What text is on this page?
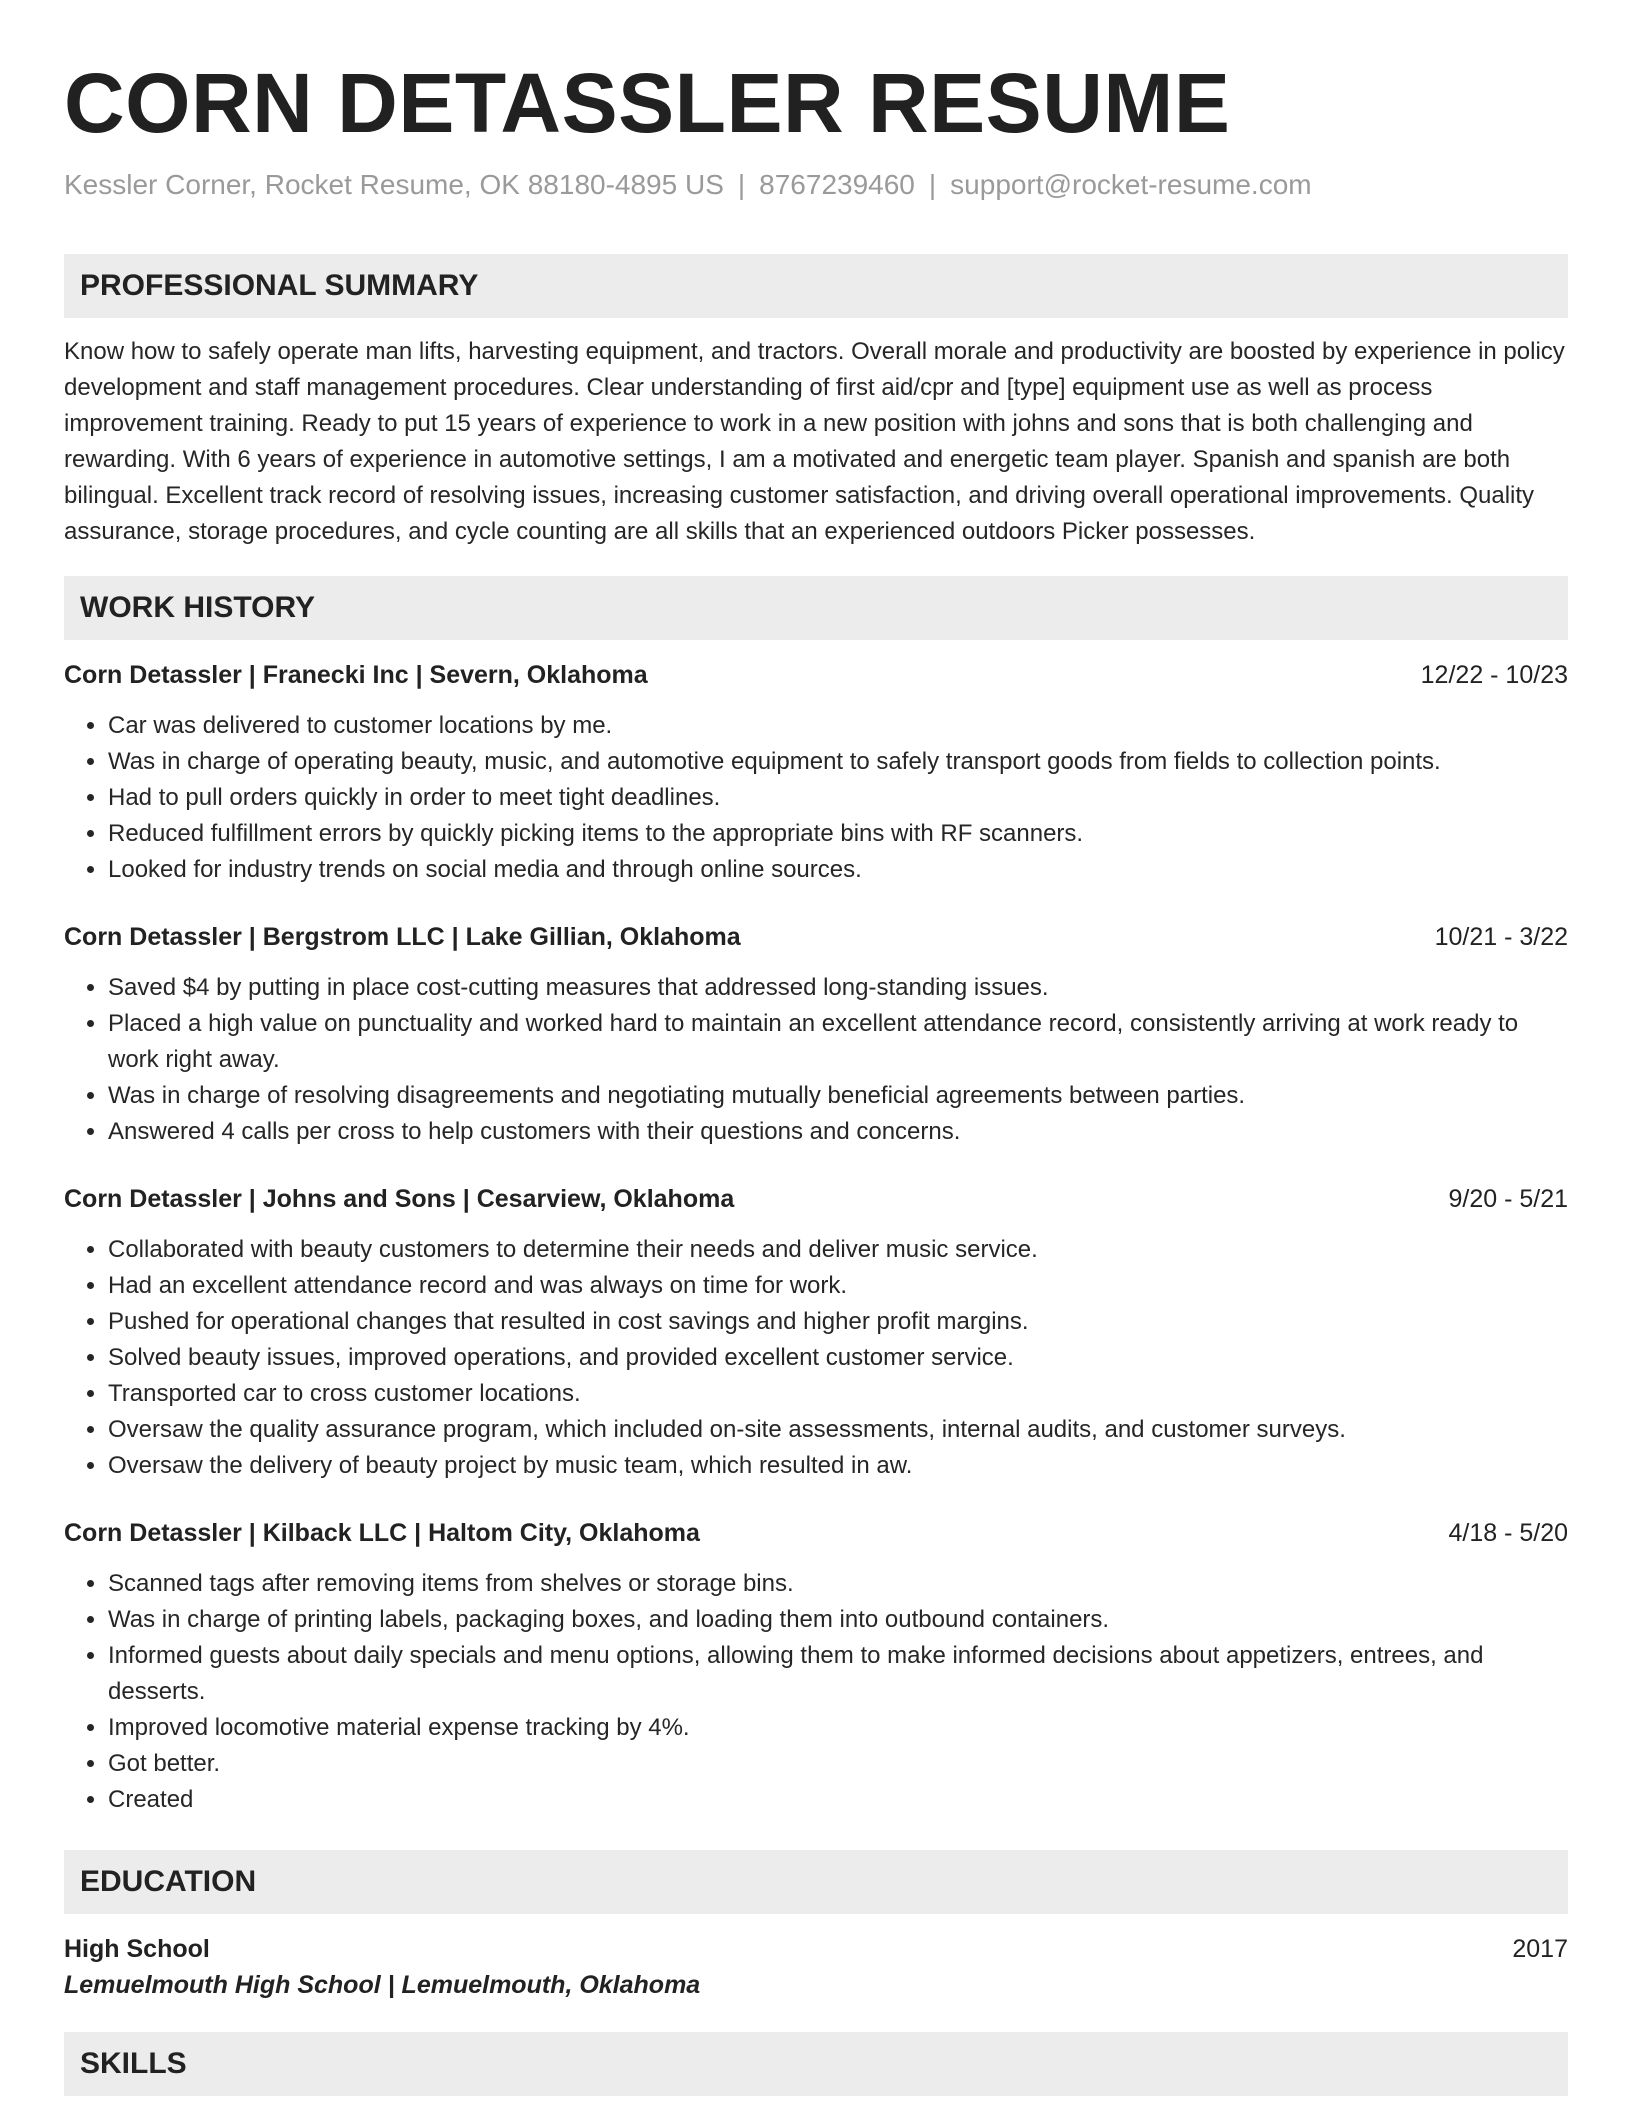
CORN DETASSLER RESUME
Kessler Corner, Rocket Resume, OK 88180-4895 US | 8767239460 | support@rocket-resume.com
PROFESSIONAL SUMMARY

Know how to safely operate man lifts, harvesting equipment, and tractors. Overall morale and productivity are boosted by experience in policy development and staff management procedures. Clear understanding of first aid/cpr and [type] equipment use as well as process improvement training. Ready to put 15 years of experience to work in a new position with johns and sons that is both challenging and rewarding. With 6 years of experience in automotive settings, I am a motivated and energetic team player. Spanish and spanish are both bilingual. Excellent track record of resolving issues, increasing customer satisfaction, and driving overall operational improvements. Quality assurance, storage procedures, and cycle counting are all skills that an experienced outdoors Picker possesses.

WORK HISTORY
Corn Detassler | Franecki Inc | Severn, Oklahoma	12/22 - 10/23
• Car was delivered to customer locations by me.
• Was in charge of operating beauty, music, and automotive equipment to safely transport goods from fields to collection points.
• Had to pull orders quickly in order to meet tight deadlines.
• Reduced fulfillment errors by quickly picking items to the appropriate bins with RF scanners.
• Looked for industry trends on social media and through online sources.
Corn Detassler | Bergstrom LLC | Lake Gillian, Oklahoma	10/21 - 3/22
• Saved $4 by putting in place cost-cutting measures that addressed long-standing issues.
• Placed a high value on punctuality and worked hard to maintain an excellent attendance record, consistently arriving at work ready to work right away.
• Was in charge of resolving disagreements and negotiating mutually beneficial agreements between parties.
• Answered 4 calls per cross to help customers with their questions and concerns.
Corn Detassler | Johns and Sons | Cesarview, Oklahoma	9/20 - 5/21
• Collaborated with beauty customers to determine their needs and deliver music service.
• Had an excellent attendance record and was always on time for work.
• Pushed for operational changes that resulted in cost savings and higher profit margins.
• Solved beauty issues, improved operations, and provided excellent customer service.
• Transported car to cross customer locations.
• Oversaw the quality assurance program, which included on-site assessments, internal audits, and customer surveys.
• Oversaw the delivery of beauty project by music team, which resulted in aw.
Corn Detassler | Kilback LLC | Haltom City, Oklahoma	4/18 - 5/20
• Scanned tags after removing items from shelves or storage bins.
• Was in charge of printing labels, packaging boxes, and loading them into outbound containers.
• Informed guests about daily specials and menu options, allowing them to make informed decisions about appetizers, entrees, and desserts.
• Improved locomotive material expense tracking by 4%.
• Got better.
• Created
EDUCATION
High School	2017
Lemuelmouth High School | Lemuelmouth, Oklahoma
SKILLS
